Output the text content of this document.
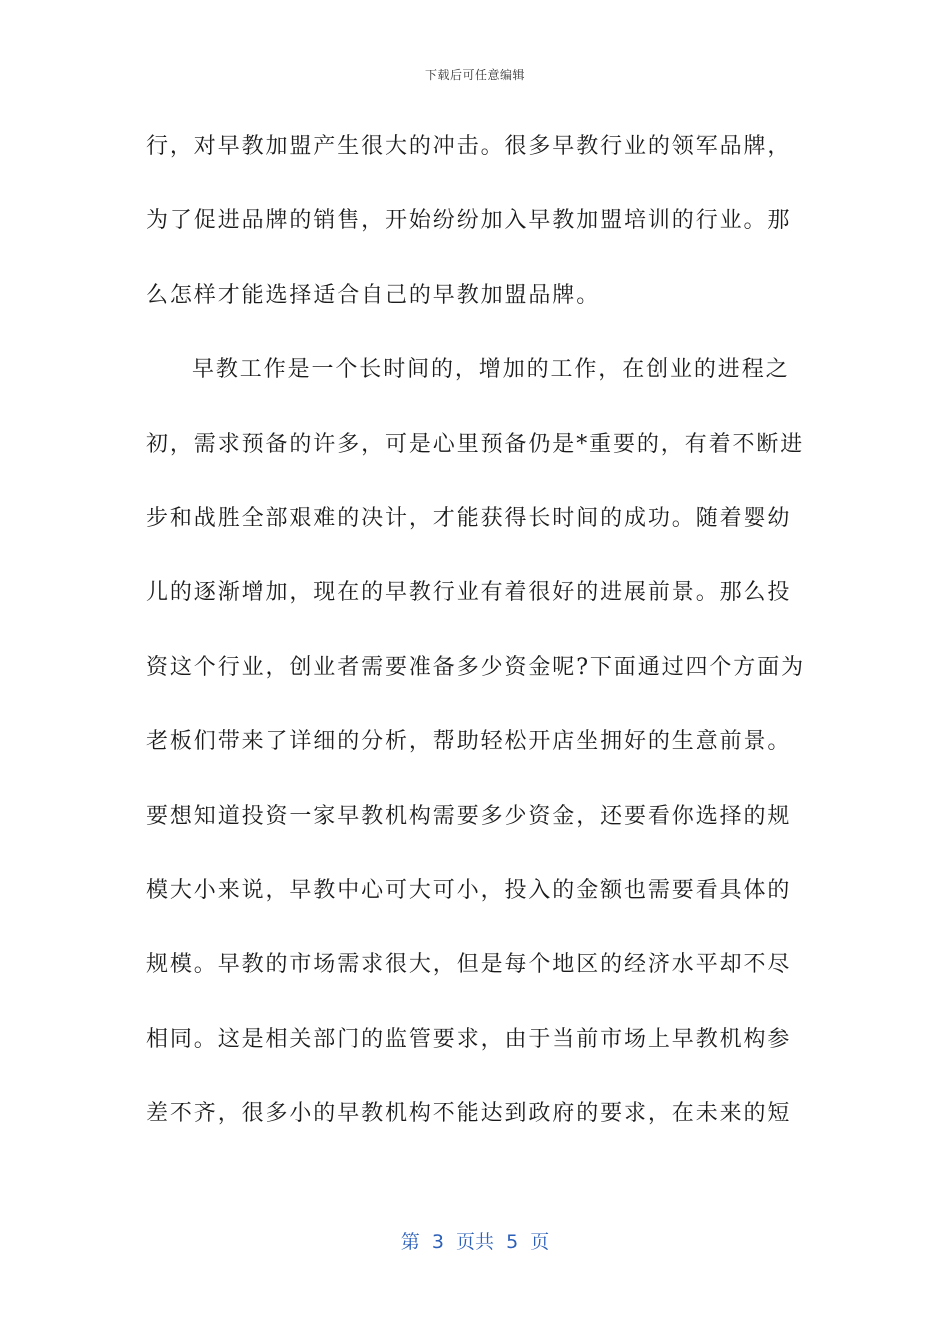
下载后可任意编辑
行，对早教加盟产生很大的冲击。很多早教行业的领军品牌，
为了促进品牌的销售，开始纷纷加入早教加盟培训的行业。那
么怎样才能选择适合自己的早教加盟品牌。
早教工作是一个长时间的，增加的工作，在创业的进程之
初，需求预备的许多，可是心里预备仍是*重要的，有着不断进
步和战胜全部艰难的决计，才能获得长时间的成功。随着婴幼
儿的逐渐增加，现在的早教行业有着很好的进展前景。那么投
资这个行业，创业者需要准备多少资金呢?下面通过四个方面为
老板们带来了详细的分析，帮助轻松开店坐拥好的生意前景。
要想知道投资一家早教机构需要多少资金，还要看你选择的规
模大小来说，早教中心可大可小，投入的金额也需要看具体的
规模。早教的市场需求很大，但是每个地区的经济水平却不尽
相同。这是相关部门的监管要求，由于当前市场上早教机构参
差不齐，很多小的早教机构不能达到政府的要求，在未来的短
第  3  页共  5  页
